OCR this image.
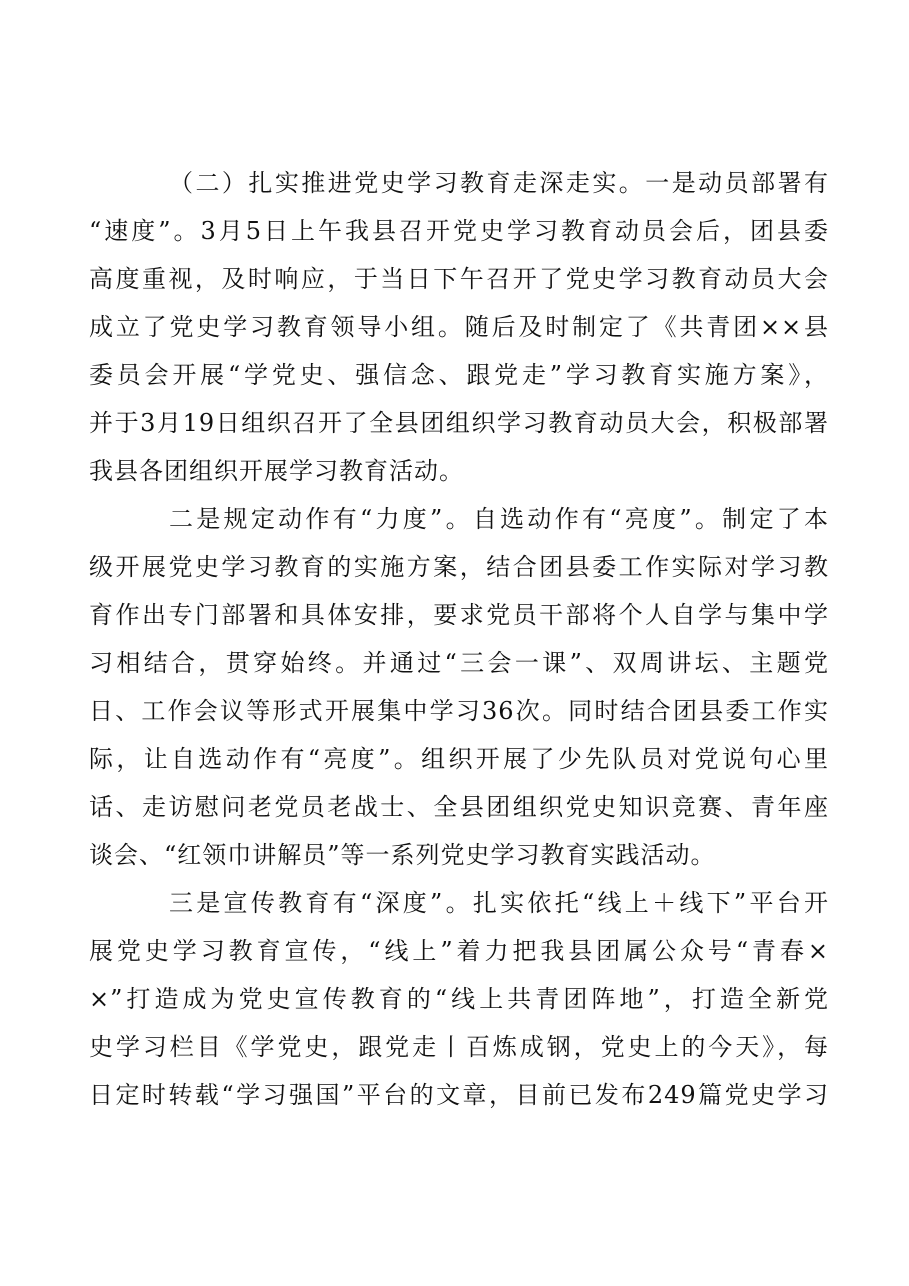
（二）扎实推进党史学习教育走深走实。一是动员部署有
“速度”。3月5日上午我县召开党史学习教育动员会后，团县委
高度重视，及时响应，于当日下午召开了党史学习教育动员大会
成立了党史学习教育领导小组。随后及时制定了《共青团××县
委员会开展“学党史、强信念、跟党走”学习教育实施方案》，
并于3月19日组织召开了全县团组织学习教育动员大会，积极部署
我县各团组织开展学习教育活动。
二是规定动作有“力度”。自选动作有“亮度”。制定了本
级开展党史学习教育的实施方案，结合团县委工作实际对学习教
育作出专门部署和具体安排，要求党员干部将个人自学与集中学
习相结合，贯穿始终。并通过“三会一课”、双周讲坛、主题党
日、工作会议等形式开展集中学习36次。同时结合团县委工作实
际，让自选动作有“亮度”。组织开展了少先队员对党说句心里
话、走访慰问老党员老战士、全县团组织党史知识竞赛、青年座
谈会、“红领巾讲解员”等一系列党史学习教育实践活动。
三是宣传教育有“深度”。扎实依托“线上＋线下”平台开
展党史学习教育宣传，“线上”着力把我县团属公众号“青春×
×”打造成为党史宣传教育的“线上共青团阵地”，打造全新党
史学习栏目《学党史，跟党走丨百炼成钢，党史上的今天》，每
日定时转载“学习强国”平台的文章，目前已发布249篇党史学习
